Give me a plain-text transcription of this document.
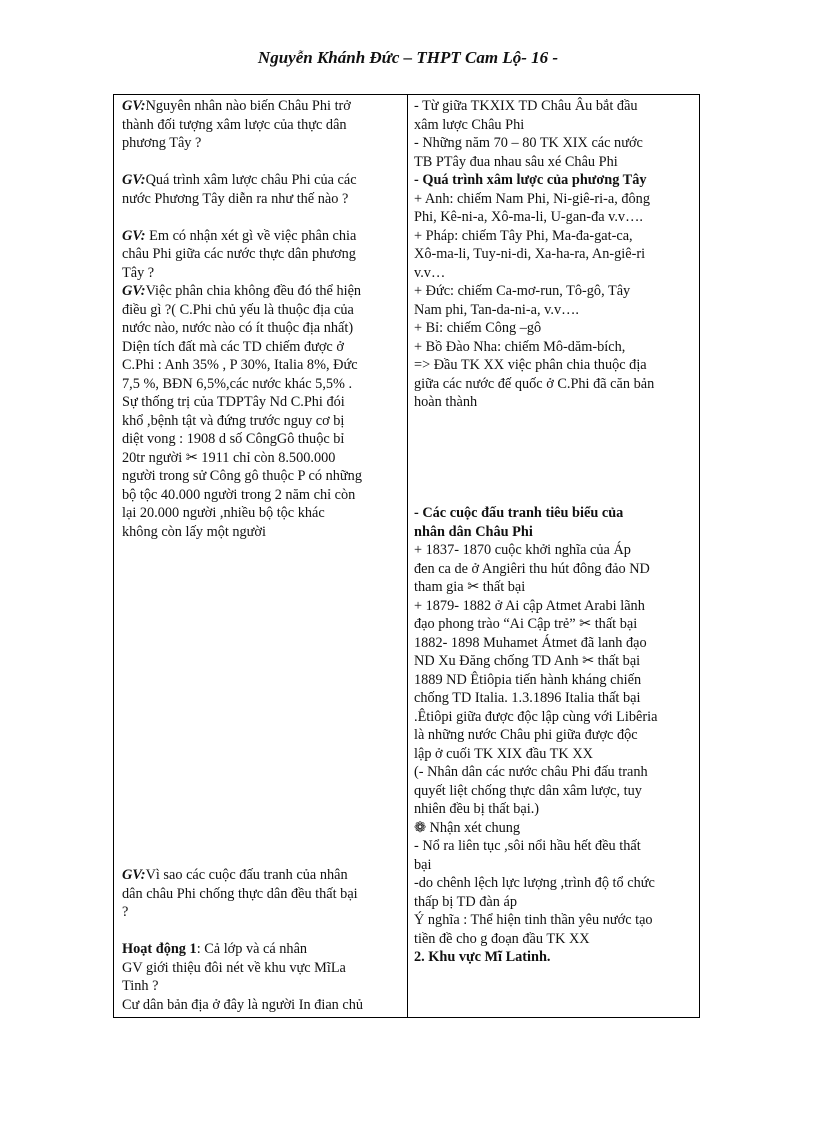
Nguyễn Khánh Đức – THPT Cam Lộ- 16 -
GV:Nguyên nhân nào biến Châu Phi trở
thành đối tượng xâm lược của thực dân
phương Tây ?
GV:Quá trình xâm lược châu Phi của các
nước Phương Tây diễn ra như thế nào ?
GV: Em có nhận xét gì về việc phân chia
châu Phi giữa các nước thực dân phương
Tây ?
GV:Việc phân chia không đều đó thể hiện
điều gì ?( C.Phi chủ yếu là thuộc địa của
nước nào, nước nào có ít thuộc địa nhất)
Diện tích đất mà các TD chiếm được ở
C.Phi : Anh 35% , P 30%, Italia 8%, Đức
7,5 %, BĐN 6,5%,các nước khác 5,5% .
Sự thống trị của TDPTây Nd C.Phi đói
khổ ,bệnh tật và đứng trước nguy cơ bị
diệt vong : 1908 d số CôngGô thuộc bỉ
20tr người ✂ 1911 chỉ còn 8.500.000
người trong sử Công gô thuộc P có những
bộ tộc 40.000 người trong 2 năm chỉ còn
lại 20.000 người ,nhiều bộ tộc khác
không còn lấy một người
GV:Vì sao các cuộc đấu tranh của nhân
dân châu Phi chống thực dân đều thất bại
?
Hoạt động 1: Cả lớp và cá nhân
GV giới thiệu đôi nét về khu vực MĩLa
Tinh ?
Cư dân bản địa ở đây là người In đian chủ
- Từ giữa TKXIX TD Châu Âu bắt đầu
xâm lược Châu Phi
- Những năm 70 – 80 TK XIX các nước
TB PTây đua nhau sâu xé Châu Phi
- Quá trình xâm lược của phương Tây
+ Anh: chiếm Nam Phi, Ni-giê-ri-a, đông
Phi, Kê-ni-a, Xô-ma-li, U-gan-đa v.v….
+ Pháp: chiếm Tây Phi, Ma-đa-gat-ca,
Xô-ma-li, Tuy-ni-di, Xa-ha-ra, An-giê-ri
v.v…
+ Đức: chiếm Ca-mơ-run, Tô-gô, Tây
Nam phi, Tan-da-ni-a, v.v….
+ Bỉ: chiếm Công –gô
+ Bồ Đào Nha: chiếm Mô-dăm-bích,
=> Đầu TK XX việc phân chia thuộc địa
giữa các nước đế quốc ở C.Phi đã căn bản
hoàn thành
- Các cuộc đấu tranh tiêu biểu của
nhân dân Châu Phi
+ 1837- 1870 cuộc khởi nghĩa của Áp
đen ca de ở Angiêri thu hút đông đảo ND
tham gia ✂ thất bại
+ 1879- 1882 ở Ai cập Atmet Arabi lãnh
đạo phong trào “Ai Cập trẻ” ✂ thất bại
1882- 1898 Muhamet Átmet đã lanh đạo
ND Xu Đăng chống TD Anh ✂ thất bại
1889 ND Êtiôpia tiến hành kháng chiến
chống TD Italia. 1.3.1896 Italia thất bại
.Êtiôpi giữa được độc lập cùng với Libêria
là những nước Châu phi giữa được độc
lập ở cuối TK XIX đầu TK XX
(- Nhân dân các nước châu Phi đấu tranh
quyết liệt chống thực dân xâm lược, tuy
nhiên đều bị thất bại.)
❁ Nhận xét chung
- Nổ ra liên tục ,sôi nổi hầu hết đều thất
bại
-do chênh lệch lực lượng ,trình độ tổ chức
thấp bị TD đàn áp
Ý nghĩa : Thể hiện tinh thần yêu nước tạo
tiền đề cho g đoạn đầu TK XX
2. Khu vực Mĩ Latinh.
